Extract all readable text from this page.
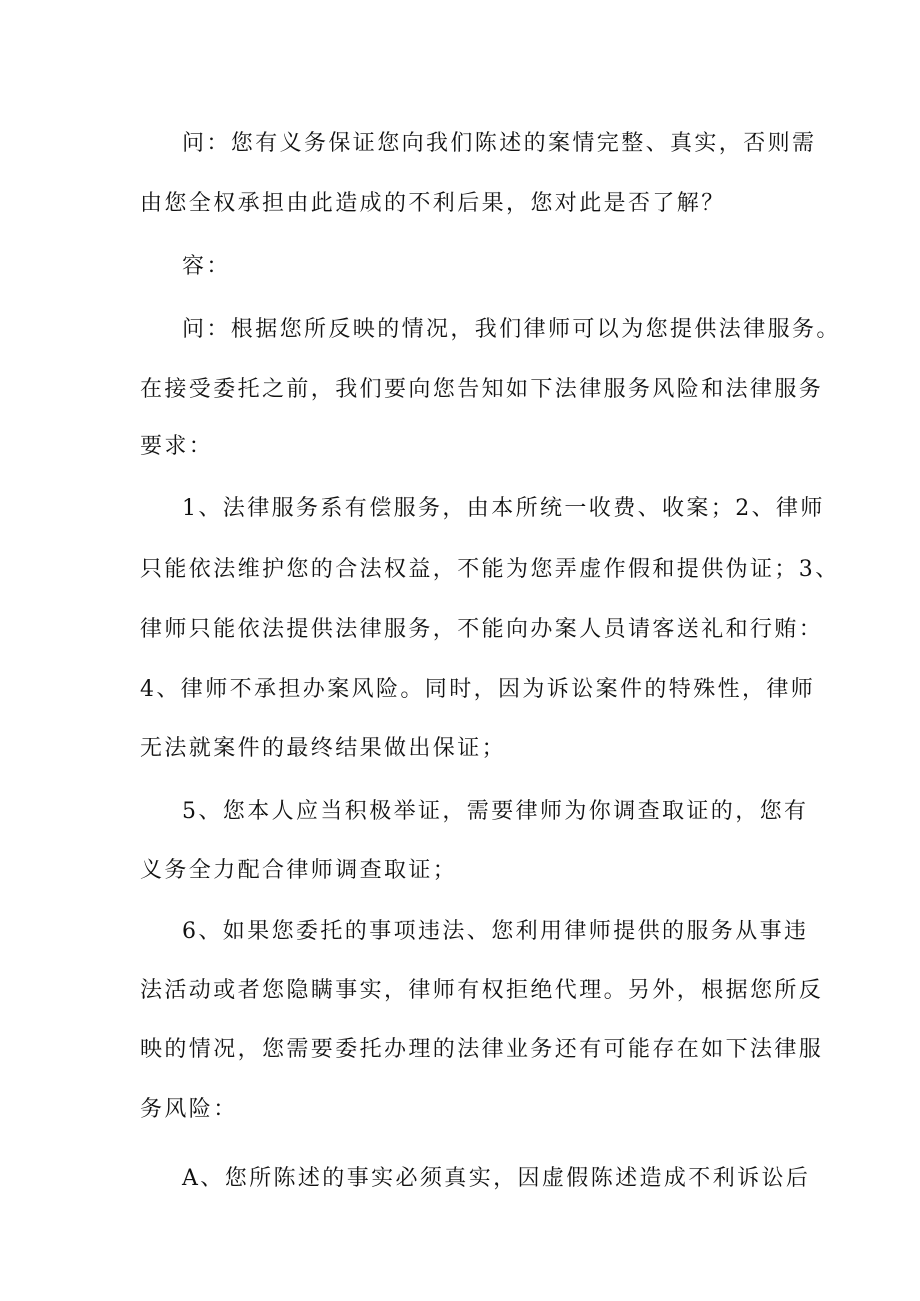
问：您有义务保证您向我们陈述的案情完整、真实，否则需
由您全权承担由此造成的不利后果，您对此是否了解？
容：
问：根据您所反映的情况，我们律师可以为您提供法律服务。
在接受委托之前，我们要向您告知如下法律服务风险和法律服务
要求：
1、法律服务系有偿服务，由本所统一收费、收案；2、律师
只能依法维护您的合法权益，不能为您弄虚作假和提供伪证；3、
律师只能依法提供法律服务，不能向办案人员请客送礼和行贿：
4、律师不承担办案风险。同时，因为诉讼案件的特殊性，律师
无法就案件的最终结果做出保证；
5、您本人应当积极举证，需要律师为你调查取证的，您有
义务全力配合律师调查取证；
6、如果您委托的事项违法、您利用律师提供的服务从事违
法活动或者您隐瞒事实，律师有权拒绝代理。另外，根据您所反
映的情况，您需要委托办理的法律业务还有可能存在如下法律服
务风险：
A、您所陈述的事实必须真实，因虚假陈述造成不利诉讼后
